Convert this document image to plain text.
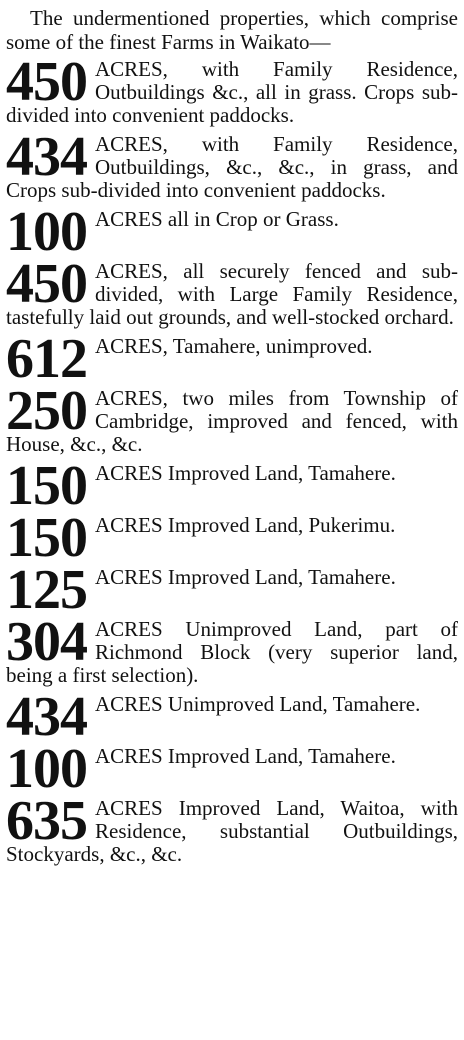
The undermentioned properties, which comprise some of the finest Farms in Waikato—

450 ACRES, with Family Residence, Outbuildings &c., all in grass. Crops sub-divided into convenient paddocks.
434 ACRES, with Family Residence, Outbuildings, &c., &c., in grass, and Crops sub-divided into convenient paddocks.
100 ACRES all in Crop or Grass.
450 ACRES, all securely fenced and sub-divided, with Large Family Residence, tastefully laid out grounds, and well-stocked orchard.
612 ACRES, Tamahere, unimproved.
250 ACRES, two miles from Township of Cambridge, improved and fenced, with House, &c., &c.
150 ACRES Improved Land, Tamahere.
150 ACRES Improved Land, Pukerimu.
125 ACRES Improved Land, Tamahere.
304 ACRES Unimproved Land, part of Richmond Block (very superior land, being a first selection).
434 ACRES Unimproved Land, Tamahere.
100 ACRES Improved Land, Tamahere.
635 ACRES Improved Land, Waitoa, with Residence, substantial Outbuildings, Stockyards, &c., &c.
